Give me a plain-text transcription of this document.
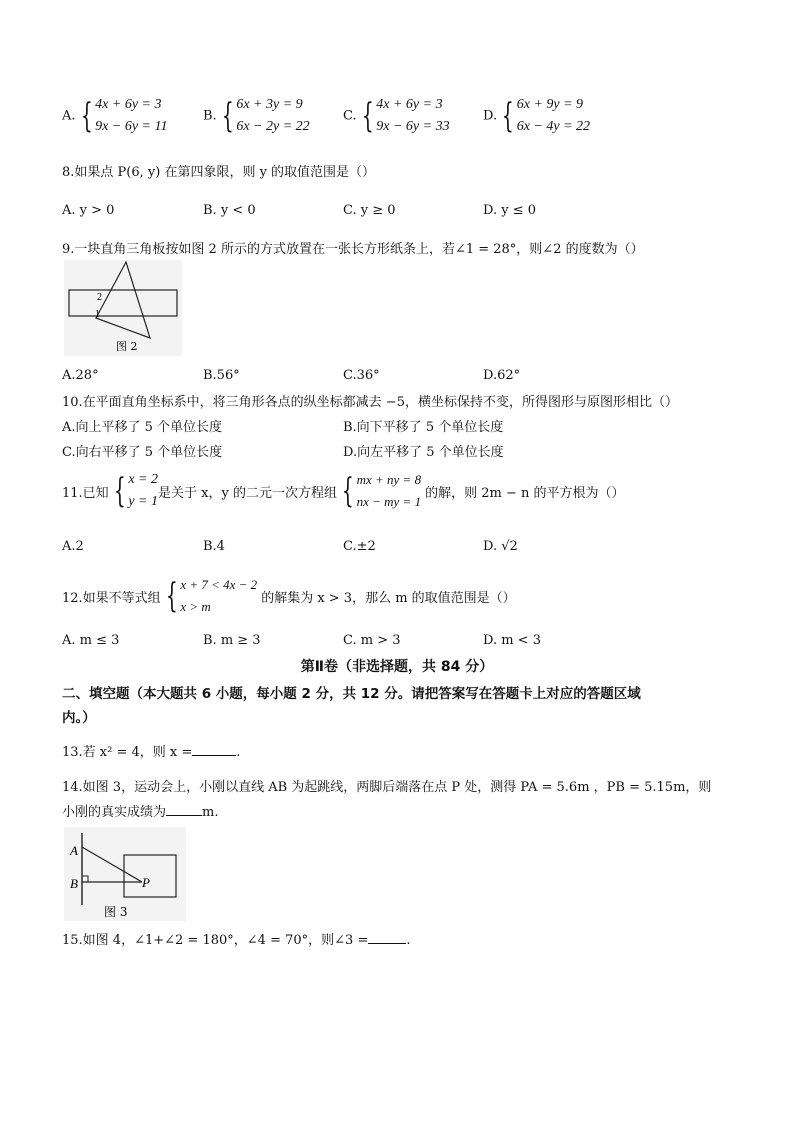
A. { 4x + 6y = 3
9x − 6y = 11
B. { 6x + 3y = 9
6x − 2y = 22
C. { 4x + 6y = 3
9x − 6y = 33
D. { 6x + 9y = 9
6x − 4y = 22
8.如果点 P(6, y) 在第四象限，则 y 的取值范围是（）
A. y > 0	B. y < 0	C. y ≥ 0	D. y ≤ 0
9.一块直角三角板按如图 2 所示的方式放置在一张长方形纸条上，若∠1 = 28°，则∠2 的度数为（）
2
1
图 2
A.28°	B.56°	C.36°	D.62°
10.在平面直角坐标系中，将三角形各点的纵坐标都减去 −5，横坐标保持不变，所得图形与原图形相比（）
A.向上平移了 5 个单位长度	B.向下平移了 5 个单位长度
C.向右平移了 5 个单位长度	D.向左平移了 5 个单位长度
11.已知 { x = 2
y = 1
是关于 x，y 的二元一次方程组 { mx + ny = 8
nx − my = 1
的解，则 2m − n 的平方根为（）
A.2	B.4	C.±2	D. √2
12.如果不等式组 { x + 7 < 4x − 2
x > m
的解集为 x > 3，那么 m 的取值范围是（）
A. m ≤ 3	B. m ≥ 3	C. m > 3	D. m < 3
第Ⅱ卷（非选择题，共 84 分）
二、填空题（本大题共 6 小题，每小题 2 分，共 12 分。请把答案写在答题卡上对应的答题区域
内。）
13.若 x² = 4，则 x =	.
14.如图 3，运动会上，小刚以直线 AB 为起跳线，两脚后端落在点 P 处，测得 PA = 5.6m ，PB = 5.15m，则
小刚的真实成绩为	m.
A
B	P
图 3
15.如图 4，∠1+∠2 = 180°，∠4 = 70°，则∠3 =	.
